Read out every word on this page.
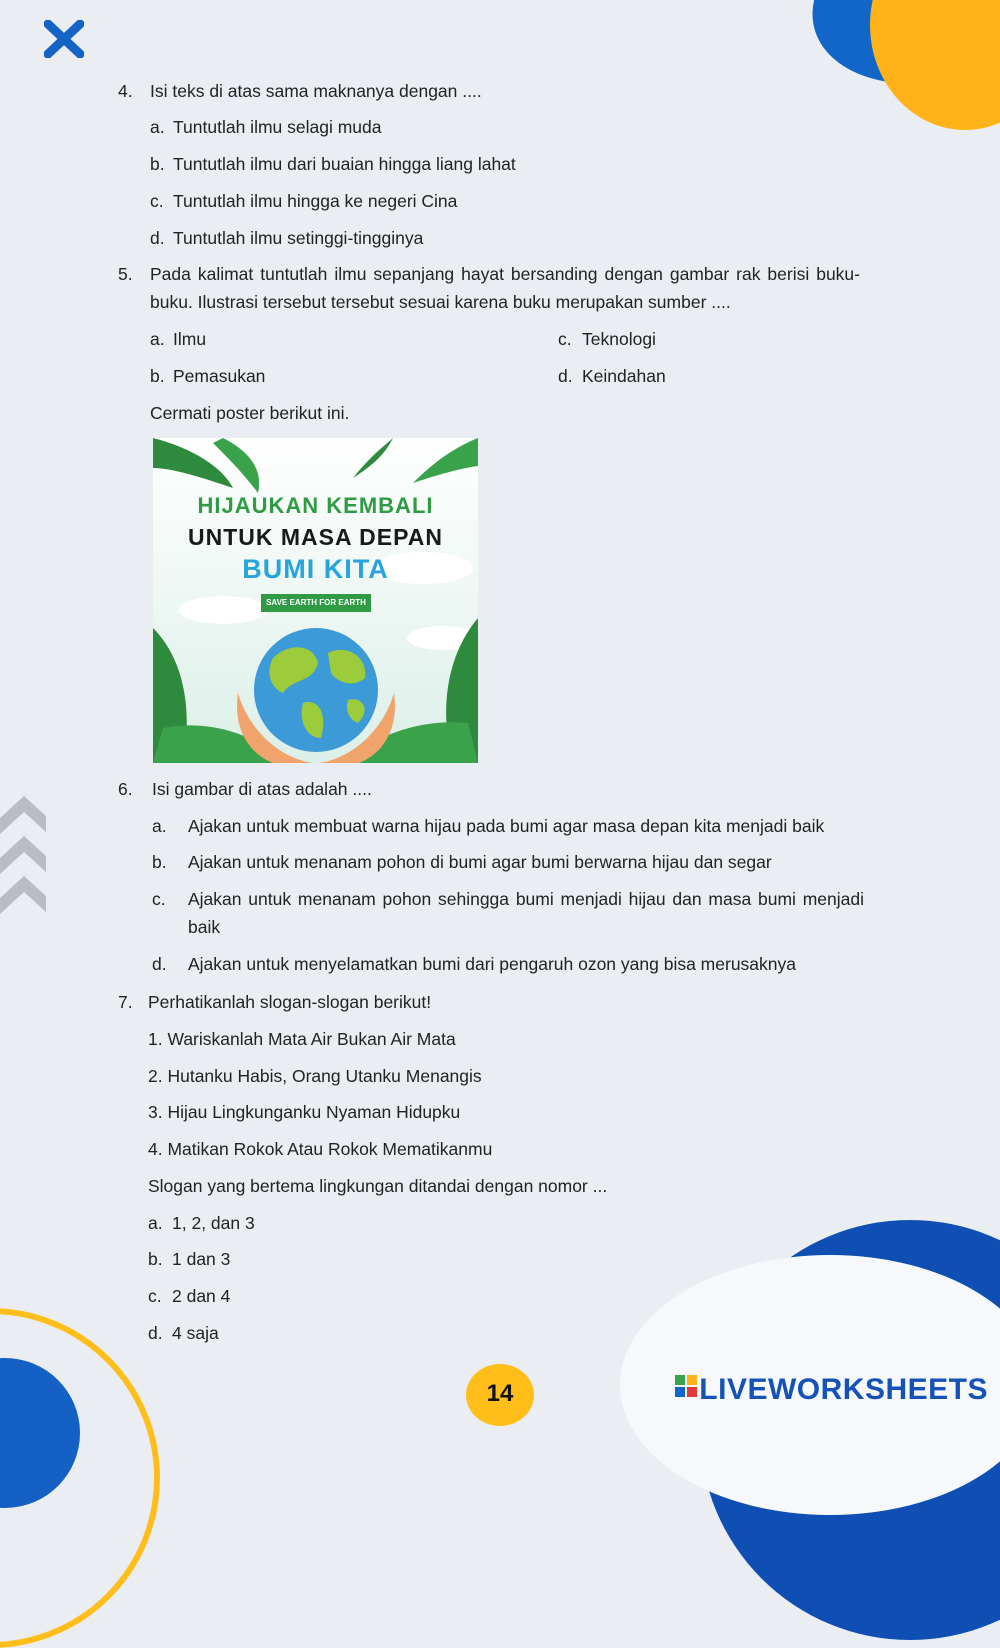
4. Isi teks di atas sama maknanya dengan ....
a. Tuntutlah ilmu selagi muda
b. Tuntutlah ilmu dari buaian hingga liang lahat
c. Tuntutlah ilmu hingga ke negeri Cina
d. Tuntutlah ilmu setinggi-tingginya
5. Pada kalimat tuntutlah ilmu sepanjang hayat bersanding dengan gambar rak berisi buku-buku. Ilustrasi tersebut tersebut sesuai karena buku merupakan sumber ....
a. Ilmu
b. Pemasukan
c. Teknologi
d. Keindahan
Cermati poster berikut ini.
HIJAUKAN KEMBALI
UNTUK MASA DEPAN
BUMI KITA
SAVE EARTH FOR EARTH
6. Isi gambar di atas adalah ....
a. Ajakan untuk membuat warna hijau pada bumi agar masa depan kita menjadi baik
b. Ajakan untuk menanam pohon di bumi agar bumi berwarna hijau dan segar
c. Ajakan untuk menanam pohon sehingga bumi menjadi hijau dan masa bumi menjadi baik
d. Ajakan untuk menyelamatkan bumi dari pengaruh ozon yang bisa merusaknya
7. Perhatikanlah slogan-slogan berikut!
1. Wariskanlah Mata Air Bukan Air Mata
2. Hutanku Habis, Orang Utanku Menangis
3. Hijau Lingkunganku Nyaman Hidupku
4. Matikan Rokok Atau Rokok Mematikanmu
Slogan yang bertema lingkungan ditandai dengan nomor ...
a. 1, 2, dan 3
b. 1 dan 3
c. 2 dan 4
d. 4 saja
14	LIVEWORKSHEETS
